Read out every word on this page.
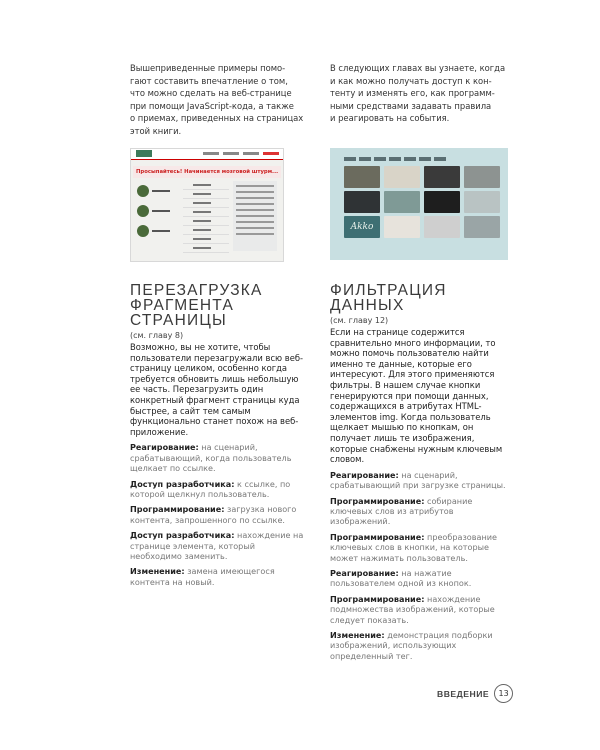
Вышеприведенные примеры помо-

гают составить впечатление о том,

что можно сделать на веб-странице

при помощи JavaScript-кода, а также

о приемах, приведенных на страницах

этой книги.

В следующих главах вы узнаете, когда

и как можно получать доступ к кон-

тенту и изменять его, как программ-

ными средствами задавать правила

и реагировать на события.

Просыпайтесь! Начинается мозговой штурм...
Akko
ПЕРЕЗАГРУЗКА
ФРАГМЕНТА СТРАНИЦЫ
(см. главу 8)
Возможно, вы не хотите, чтобы пользователи перезагружали всю веб-страницу целиком, особенно когда требуется обновить лишь небольшую ее часть. Перезагрузить один конкретный фрагмент страницы куда быстрее, а сайт тем самым функционально станет похож на веб-приложение.
Реагирование: на сценарий, срабатывающий, когда пользователь щелкает по ссылке.
Доступ разработчика: к ссылке, по которой щелкнул пользователь.
Программирование: загрузка нового контента, запрошенного по ссылке.
Доступ разработчика: нахождение на странице элемента, который необходимо заменить.
Изменение: замена имеющегося контента на новый.
ФИЛЬТРАЦИЯ
ДАННЫХ
(см. главу 12)
Если на странице содержится сравнительно много информации, то можно помочь пользователю найти именно те данные, которые его интересуют. Для этого применяются фильтры. В нашем случае кнопки генерируются при помощи данных, содержащихся в атрибутах HTML-элементов img. Когда пользователь щелкает мышью по кнопкам, он получает лишь те изображения, которые снабжены нужным ключевым словом.
Реагирование: на сценарий, срабатывающий при загрузке страницы.
Программирование: собирание ключевых слов из атрибутов изображений.
Программирование: преобразование ключевых слов в кнопки, на которые может нажимать пользователь.
Реагирование: на нажатие пользователем одной из кнопок.
Программирование: нахождение подмножества изображений, которые следует показать.
Изменение: демонстрация подборки изображений, использующих определенный тег.
ВВЕДЕНИЕ	13
